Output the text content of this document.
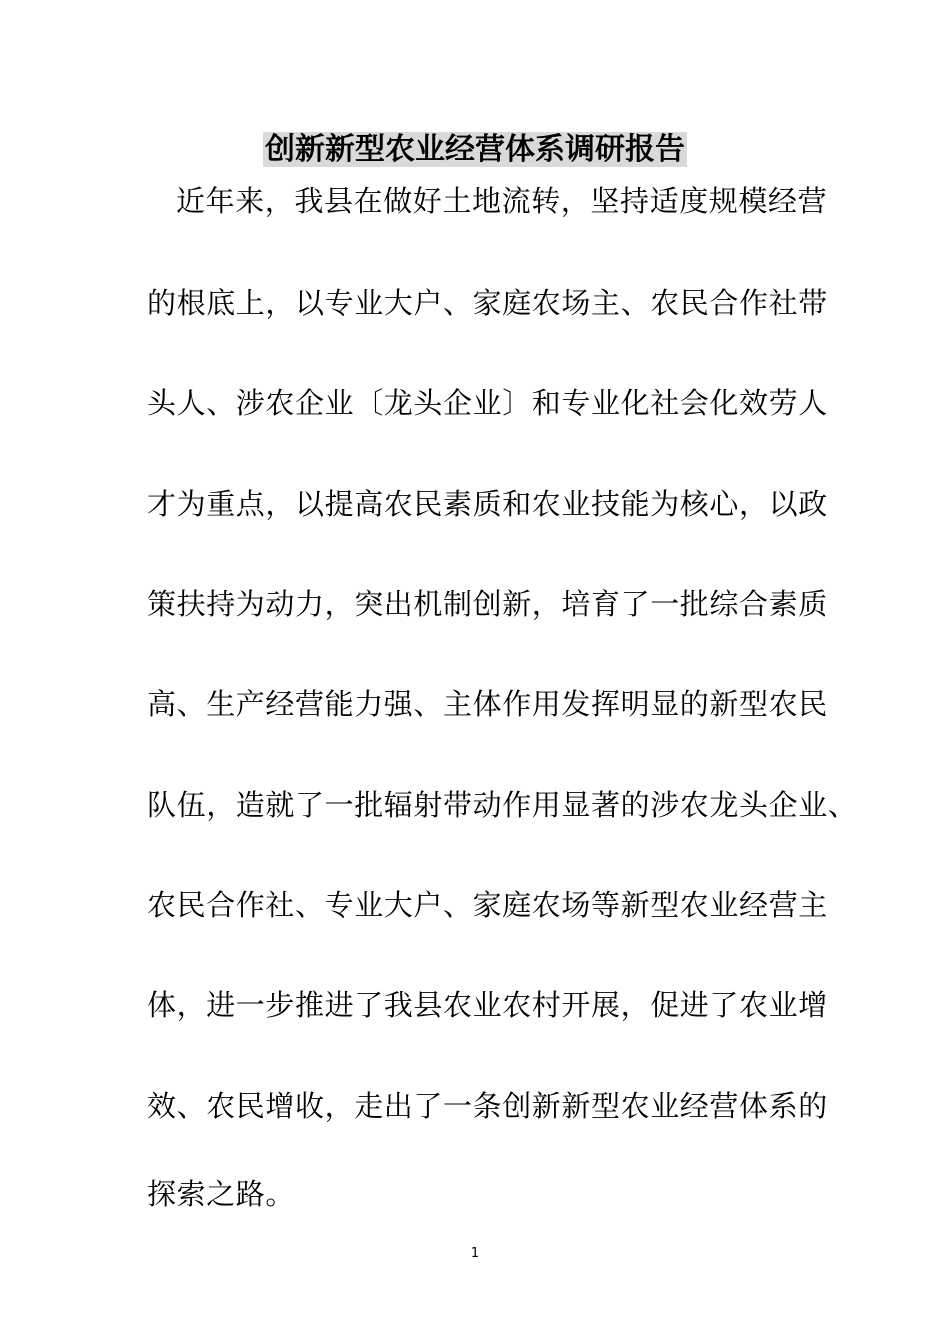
创新新型农业经营体系调研报告
近年来，我县在做好土地流转，坚持适度规模经营
的根底上，以专业大户、家庭农场主、农民合作社带
头人、涉农企业〔龙头企业〕和专业化社会化效劳人
才为重点，以提高农民素质和农业技能为核心，以政
策扶持为动力，突出机制创新，培育了一批综合素质
高、生产经营能力强、主体作用发挥明显的新型农民
队伍，造就了一批辐射带动作用显著的涉农龙头企业、
农民合作社、专业大户、家庭农场等新型农业经营主
体，进一步推进了我县农业农村开展，促进了农业增
效、农民增收，走出了一条创新新型农业经营体系的
探索之路。
1
